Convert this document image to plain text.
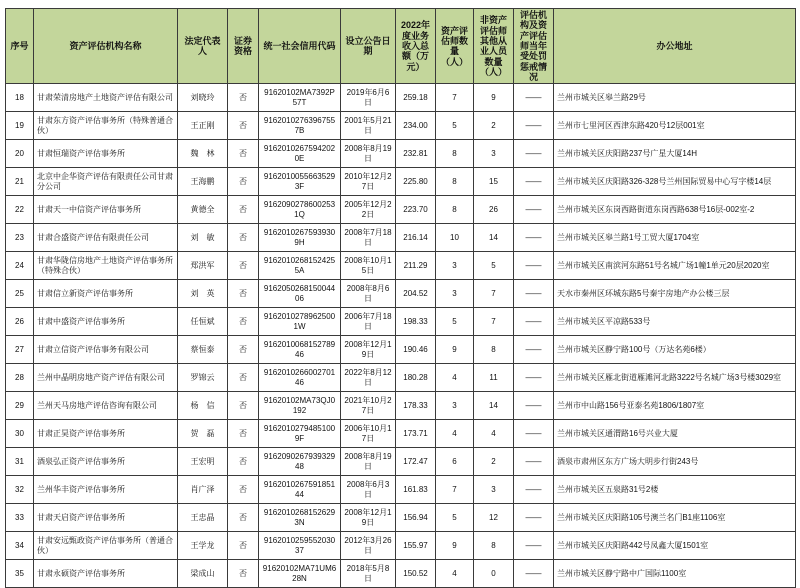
序号	资产评估机构名称	法定代表人	证券资格	统一社会信用代码	设立公告日期	2022年度业务收入总额（万元）	资产评估师数量（人）	非资产评估师其他从业人员数量（人）	评估机构及资产评估师当年受处罚惩戒情况	办公地址
18	甘肃荣清房地产土地资产评估有限公司	刘晓玲	否	91620102MA7392P57T	2019年6月6日	259.18	7	9	——	兰州市城关区皋兰路29号
19	甘肃东方资产评估事务所（特殊普通合伙）	王正刚	否	91620102763967557B	2001年5月21日	234.00	5	2	——	兰州市七里河区西津东路420号12层001室
20	甘肃恒瑞资产评估事务所	魏　林	否	91620102675942020E	2008年8月19日	232.81	8	3	——	兰州市城关区庆阳路237号广星大厦14H
21	北京中企华资产评估有限责任公司甘肃分公司	王海鹏	否	91620100556635293F	2010年12月27日	225.80	8	15	——	兰州市城关区庆阳路326-328号兰州国际贸易中心写字楼14层
22	甘肃天一中信资产评估事务所	黄德全	否	91620902786002531Q	2005年12月22日	223.70	8	26	——	兰州市城关区东岗西路街道东岗西路638号16层-002室-2
23	甘肃合盛资产评估有限责任公司	刘　敏	否	91620102675939309H	2008年7月18日	216.14	10	14	——	兰州市城关区皋兰路1号工贸大厦1704室
24	甘肃华陇信房地产土地资产评估事务所（特殊合伙）	郑洪军	否	91620102681524255A	2008年10月15日	211.29	3	5	——	兰州市城关区南滨河东路51号名城广场1幢1单元20层2020室
25	甘肃信立新资产评估事务所	刘　英	否	916205026815004406	2008年8月6日	204.52	3	7	——	天水市秦州区环城东路5号秦宇房地产办公楼三层
26	甘肃中盛资产评估事务所	任恒斌	否	91620102789625001W	2006年7月18日	198.33	5	7	——	兰州市城关区平凉路533号
27	甘肃立信资产评估事务有限公司	蔡恒泰	否	916201006815278946	2008年12月19日	190.46	9	8	——	兰州市城关区静宁路100号（万达名苑6楼）
28	兰州中晶明房地产资产评估有限公司	罗锦云	否	916201026600270146	2022年8月12日	180.28	4	11	——	兰州市城关区雁北街道雁滩河北路3222号名城广场3号楼3029室
29	兰州天马房地产评估咨询有限公司	杨　信	否	91620102MA73QJ0192	2021年10月27日	178.33	3	14	——	兰州市中山路156号亚泰名苑1806/1807室
30	甘肃正昊资产评估事务所	贺　磊	否	91620102794851009F	2006年10月17日	173.71	4	4	——	兰州市城关区通渭路16号兴业大厦
31	酒泉弘正资产评估事务所	王宏明	否	916209026793932948	2008年8月19日	172.47	6	2	——	酒泉市肃州区东方广场大明步行街243号
32	兰州华丰资产评估事务所	肖广泽	否	916201026759185144	2008年6月3日	161.83	7	3	——	兰州市城关区五泉路31号2楼
33	甘肃天启资产评估事务所	王忠晶	否	91620102681526293N	2008年12月19日	156.94	5	12	——	兰州市城关区庆阳路105号澳兰名门B1座1106室
34	甘肃安远甄政资产评估事务所（普通合伙）	王学龙	否	916201025955203037	2012年3月26日	155.97	9	8	——	兰州市城关区庆阳路442号凤鑫大厦1501室
35	甘肃永硕资产评估事务所	梁成山	否	91620102MA71UM628N	2018年5月8日	150.52	4	0	——	兰州市城关区静宁路中广国际1100室
